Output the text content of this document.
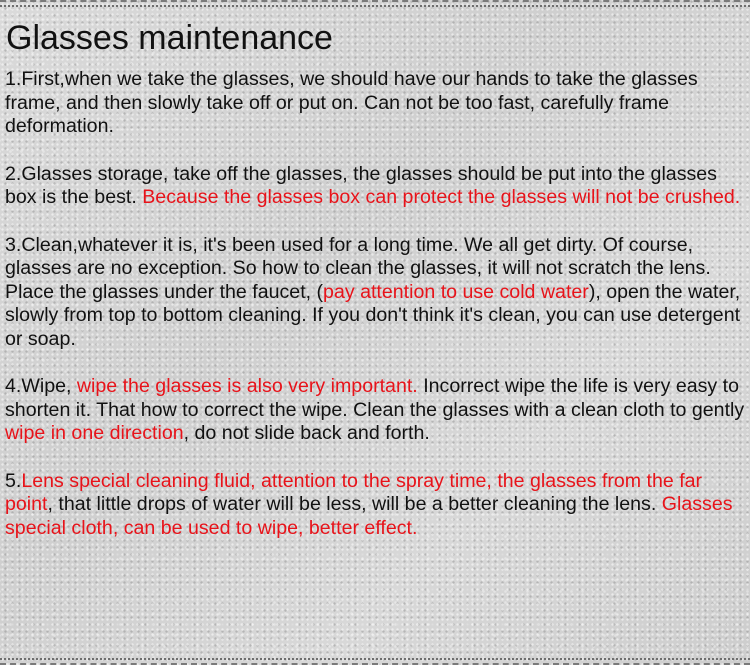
Glasses maintenance

1.First,when we take the glasses, we should have our hands to take the glasses frame, and then slowly take off or put on. Can not be too fast, carefully frame deformation.

2.Glasses storage, take off the glasses, the glasses should be put into the glasses box is the best. Because the glasses box can protect the glasses will not be crushed.

3.Clean,whatever it is, it's been used for a long time. We all get dirty. Of course, glasses are no exception. So how to clean the glasses, it will not scratch the lens. Place the glasses under the faucet, (pay attention to use cold water), open the water, slowly from top to bottom cleaning. If you don't think it's clean, you can use detergent or soap.

4.Wipe, wipe the glasses is also very important. Incorrect wipe the life is very easy to shorten it. That how to correct the wipe. Clean the glasses with a clean cloth to gently wipe in one direction, do not slide back and forth.

5.Lens special cleaning fluid, attention to the spray time, the glasses from the far point, that little drops of water will be less, will be a better cleaning the lens. Glasses special cloth, can be used to wipe, better effect.
